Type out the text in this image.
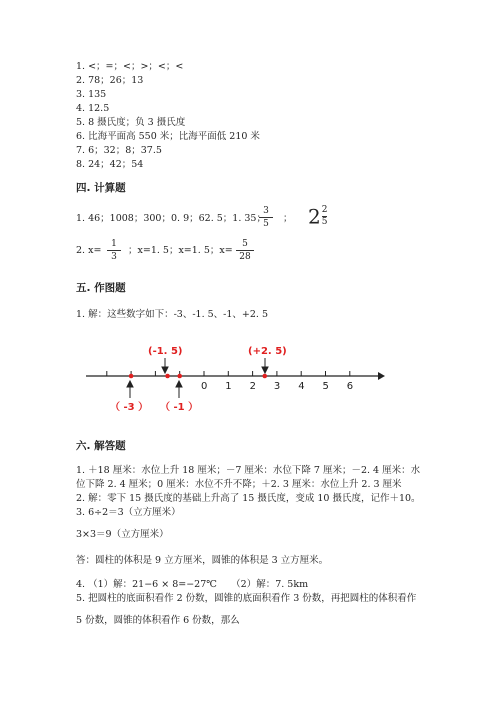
1. <；=；<；>；<；<
2. 78；26；13
3. 135
4. 12.5
5. 8 摄氏度；负 3 摄氏度
6. 比海平面高 550 米；比海平面低 210 米
7. 6；32；8；37.5
8. 24；42；54
四. 计算题
1. 46；1008；300；0. 9；62. 5；1. 35；
3
5	； $2 \frac{2}{5}$
2. x=
1
3
；x=1. 5；x=1. 5；x=
5
28
五. 作图题
1. 解：这些数字如下：-3、-1. 5、-1、+2. 5
0 1 2 3 4 5 6
(-1. 5)	(+2. 5)
（ -3 ） （ -1 ）
六. 解答题
1. ＋18 厘米：水位上升 18 厘米；－7 厘米：水位下降 7 厘米；－2. 4 厘米：水
位下降 2. 4 厘米；0 厘米：水位不升不降；＋2. 3 厘米：水位上升 2. 3 厘米
2. 解：零下 15 摄氏度的基础上升高了 15 摄氏度，变成 10 摄氏度，记作＋10。
3. 6÷2＝3（立方厘米）
3×3＝9（立方厘米）
答：圆柱的体积是 9 立方厘米，圆锥的体积是 3 立方厘米。
4. （1）解：21−6 × 8=−27℃　　（2）解：7. 5km
5. 把圆柱的底面积看作 2 份数，圆锥的底面积看作 3 份数，再把圆柱的体积看作
5 份数，圆锥的体积看作 6 份数，那么
